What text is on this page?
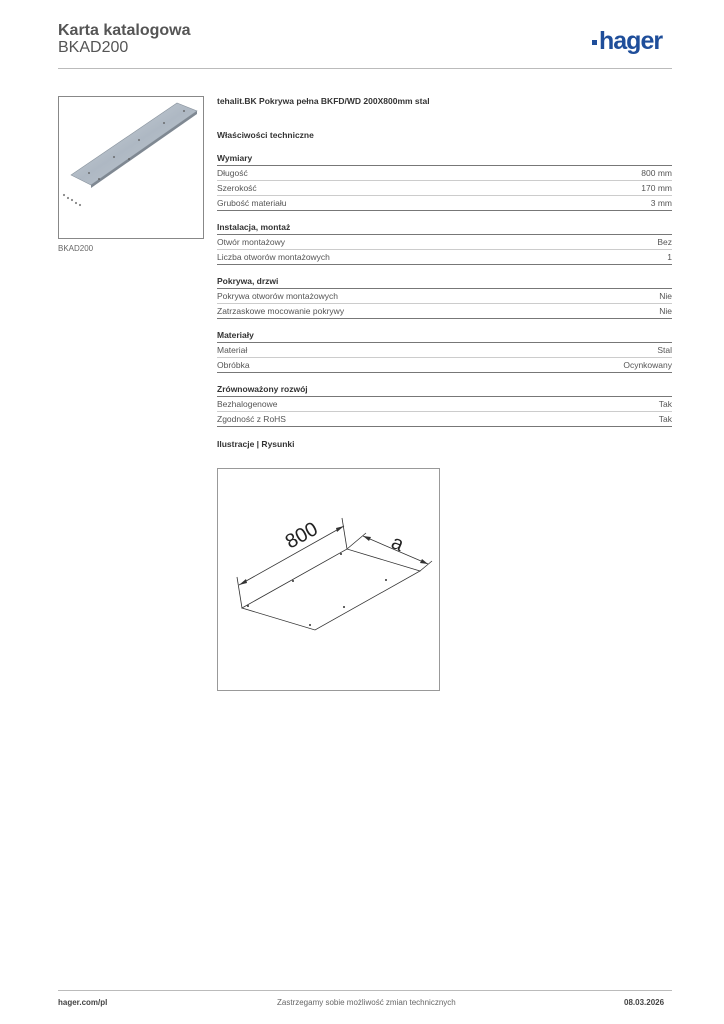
Karta katalogowa
BKAD200	hager
BKAD200
tehalit.BK Pokrywa pełna BKFD/WD 200X800mm stal
Właściwości techniczne
Wymiary
Długość	800 mm
Szerokość	170 mm
Grubość materiału	3 mm
Instalacja, montaż
Otwór montażowy	Bez
Liczba otworów montażowych	1
Pokrywa, drzwi
Pokrywa otworów montażowych	Nie
Zatrzaskowe mocowanie pokrywy	Nie
Materiały
Materiał	Stal
Obróbka	Ocynkowany
Zrównoważony rozwój
Bezhalogenowe	Tak
Zgodność z RoHS	Tak
Ilustracje | Rysunki
800	a
hager.com/pl	Zastrzegamy sobie możliwość zmian technicznych	08.03.2026
